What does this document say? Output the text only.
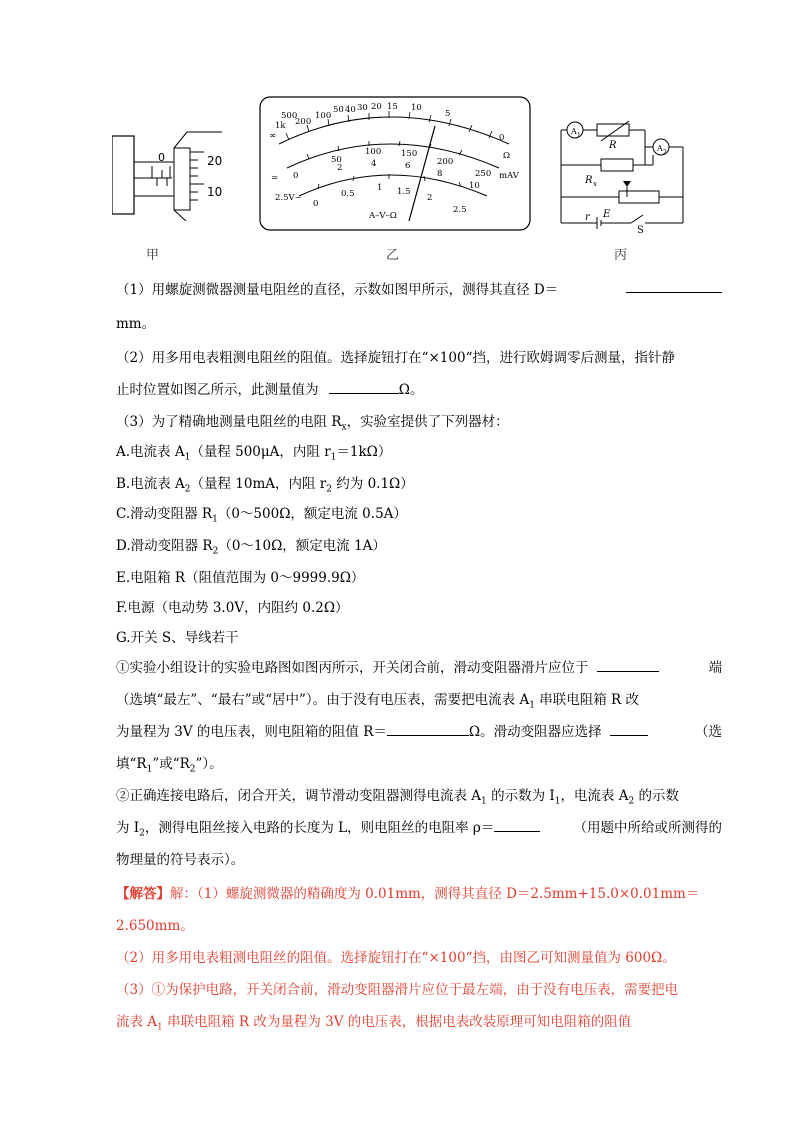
0	20
10
甲
∞
1k
500
200
100
50 40 30 20 15 10
5
0
50
100 150
200
250
0
2	4	6
8
10
0
0.5
1 1.5
2
2.5
Ω
mAV
=
2.5V~
A–V–Ω
乙
A 1
R	A 2
R x
r E
S
丙
（1）用螺旋测微器测量电阻丝的直径，示数如图甲所示，测得其直径 D＝
mm。
（2）用多用电表粗测电阻丝的阻值。选择旋钮打在“×100“挡，进行欧姆调零后测量，指针静
止时位置如图乙所示，此测量值为	Ω。
（3）为了精确地测量电阻丝的电阻 $R_x$，实验室提供了下列器材：
A.电流表 $A_1$（量程 500μA，内阻 $r_1=1k\Omega$）
B.电流表 $A_2$（量程 10mA，内阻 $r_2$ 约为 0.1Ω）
C.滑动变阻器 $R_1(0\sim 500\Omega$，额定电流 0.5A）
D.滑动变阻器 $R_2(0\sim 10\Omega$，额定电流 1A）
E.电阻箱 R（阻值范围为 0～9999.9Ω）
F.电源（电动势 3.0V，内阻约 0.2Ω）
G.开关 S、导线若干
①实验小组设计的实验电路图如图丙所示，开关闭合前，滑动变阻器滑片应位于	端
（选填“最左”、“最右”或“居中”）。由于没有电压表，需要把电流表 $A_1$ 串联电阻箱 R 改
为量程为 3V 的电压表，则电阻箱的阻值 R＝	Ω。滑动变阻器应选择	（选
填“$R_1$”或“$R_2$”）。
②正确连接电路后，闭合开关，调节滑动变阻器测得电流表 $A_1$ 的示数为 $I_1$，电流表 $A_2$ 的示数
为 $I_2$，测得电阻丝接入电路的长度为 L，则电阻丝的电阻率 ρ＝	（用题中所给或所测得的
物理量的符号表示）。
【解答】解：（1）螺旋测微器的精确度为 0.01mm，测得其直径 D＝2.5mm+15.0×0.01mm＝
2.650mm。
（2）用多用电表粗测电阻丝的阻值。选择旋钮打在“×100“挡，由图乙可知测量值为 600Ω。
（3）①为保护电路，开关闭合前，滑动变阻器滑片应位于最左端，由于没有电压表，需要把电
流表 $A_1$ 串联电阻箱 R 改为量程为 3V 的电压表，根据电表改装原理可知电阻箱的阻值
